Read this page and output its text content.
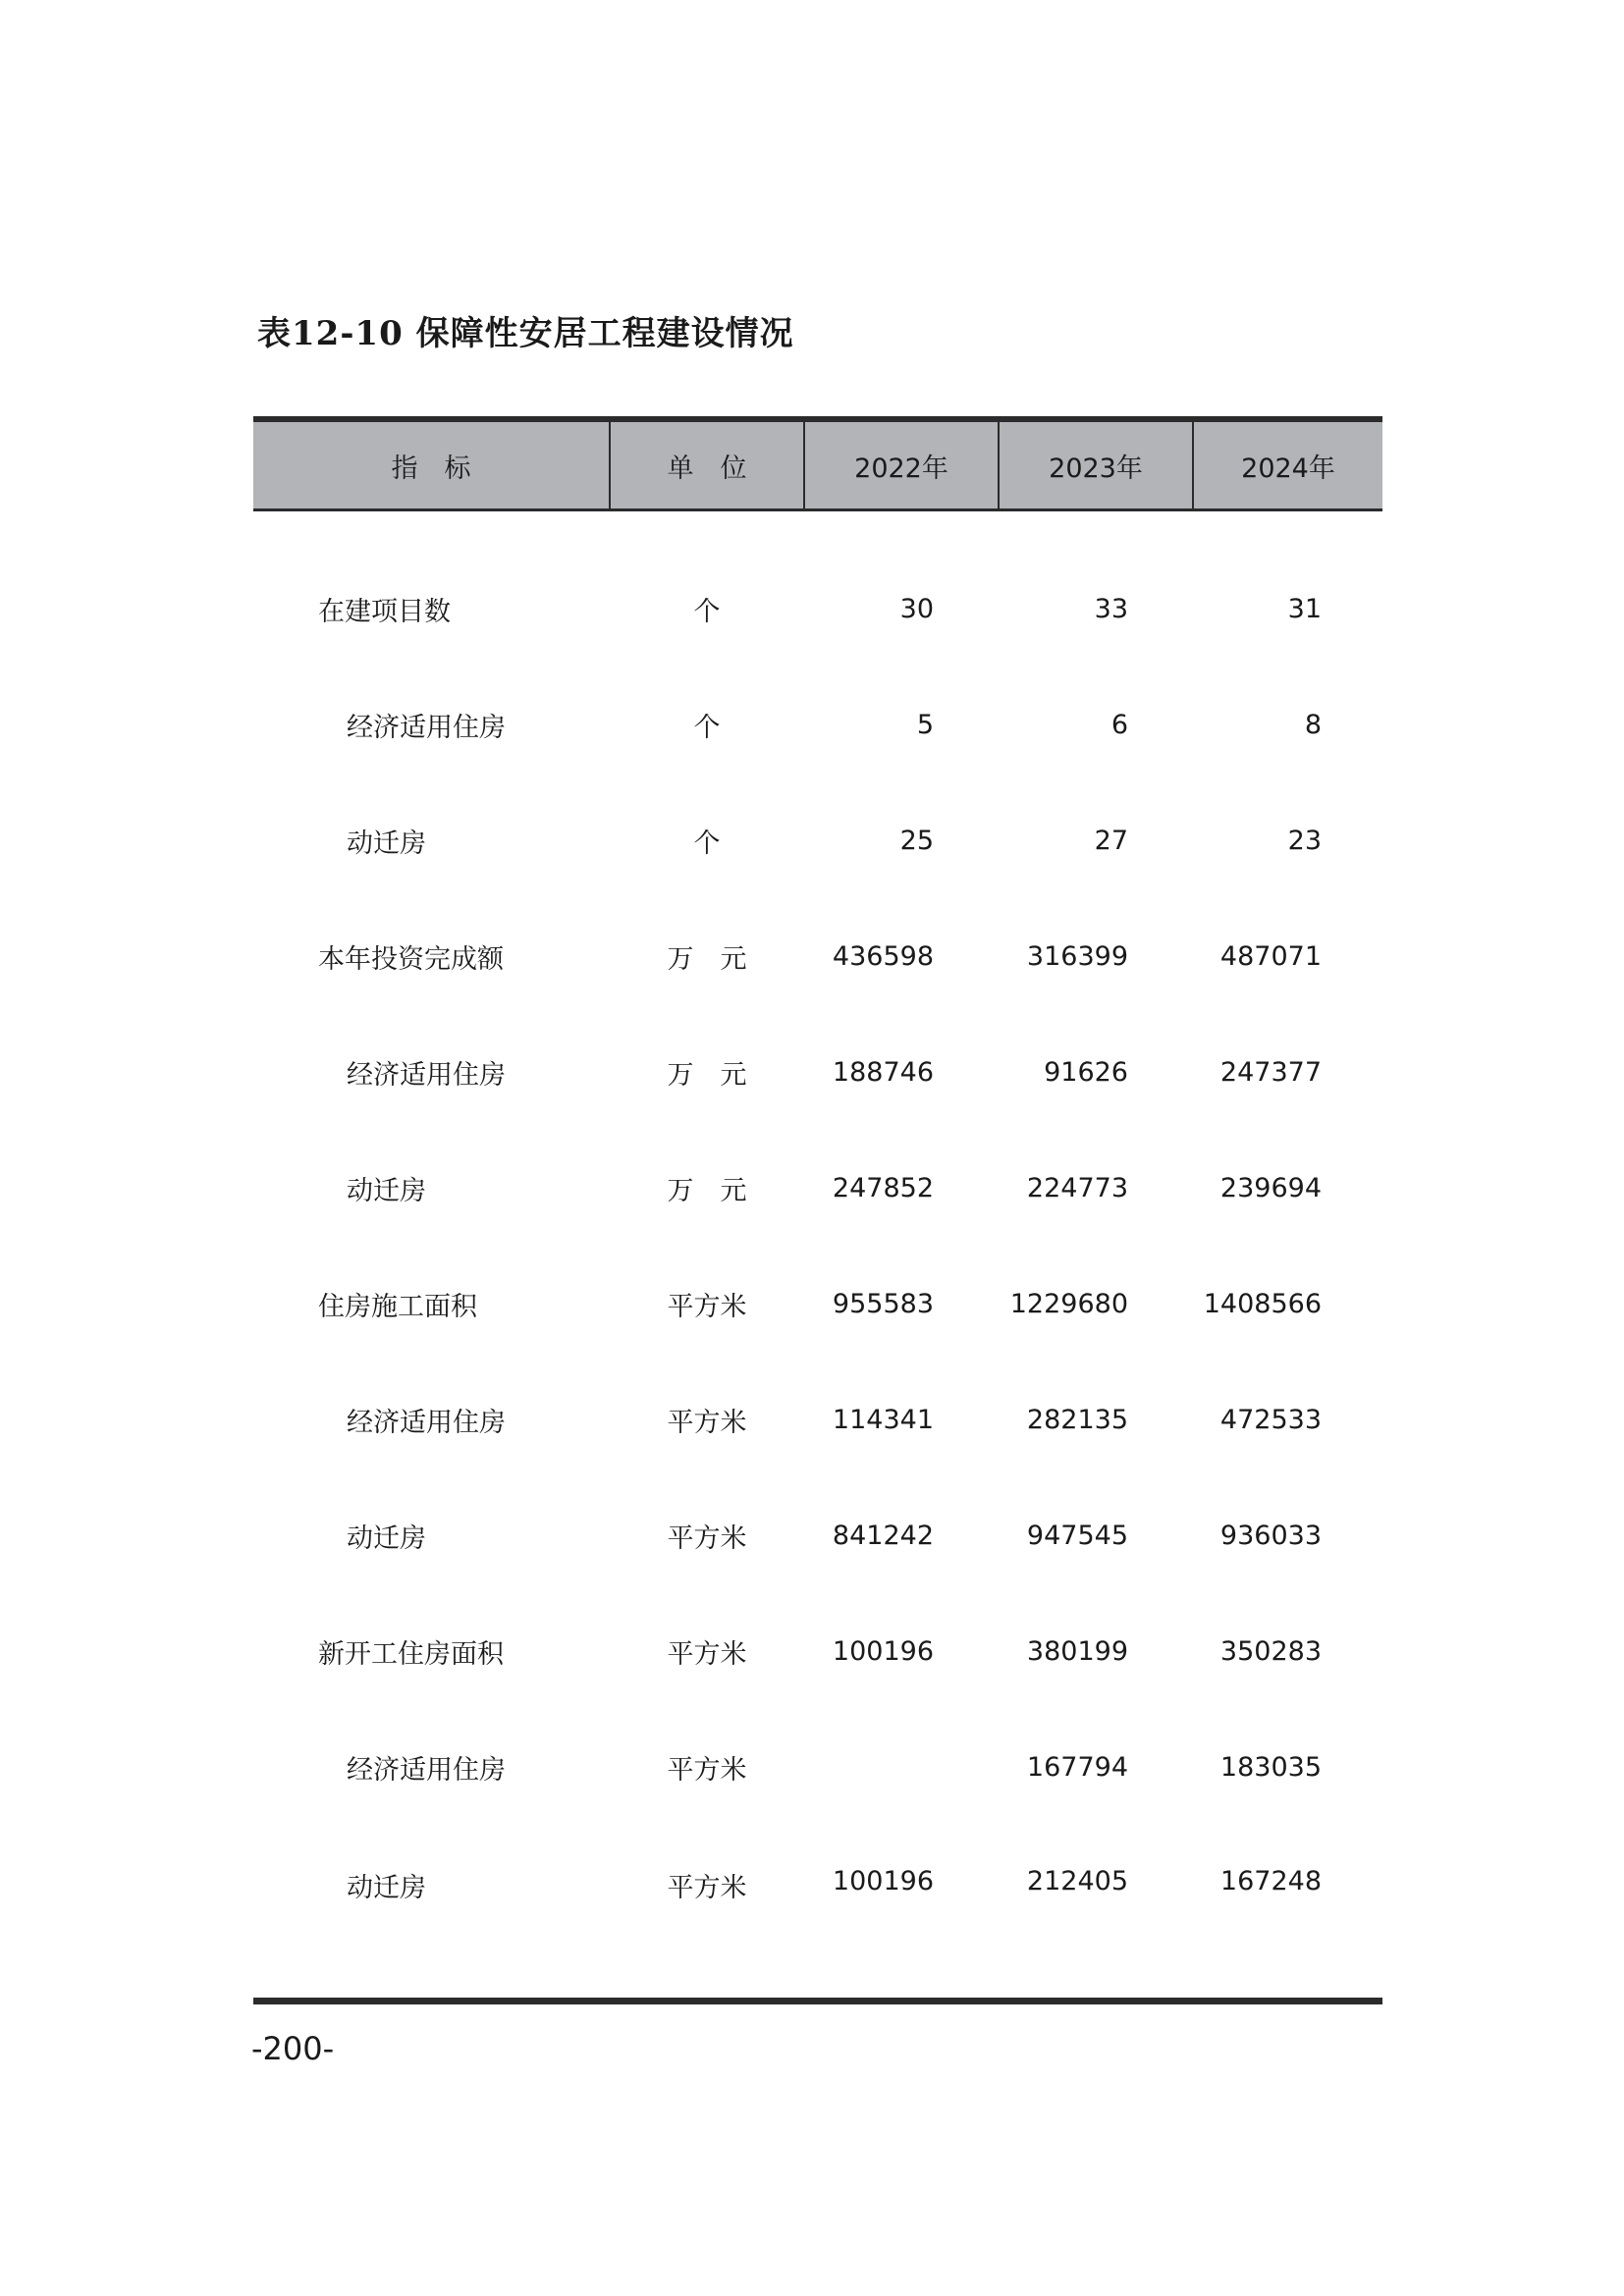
表12-10 保障性安居工程建设情况
指　标	单　位	2022年	2023年	2024年

在建项目数	个	30	33	31
经济适用住房	个	5	6	8
动迁房	个	25	27	23
本年投资完成额	万　元	436598	316399	487071
经济适用住房	万　元	188746	91626	247377
动迁房	万　元	247852	224773	239694
住房施工面积	平方米	955583	1229680	1408566
经济适用住房	平方米	114341	282135	472533
动迁房	平方米	841242	947545	936033
新开工住房面积	平方米	100196	380199	350283
经济适用住房	平方米		167794	183035
动迁房	平方米	100196	212405	167248
-200-
